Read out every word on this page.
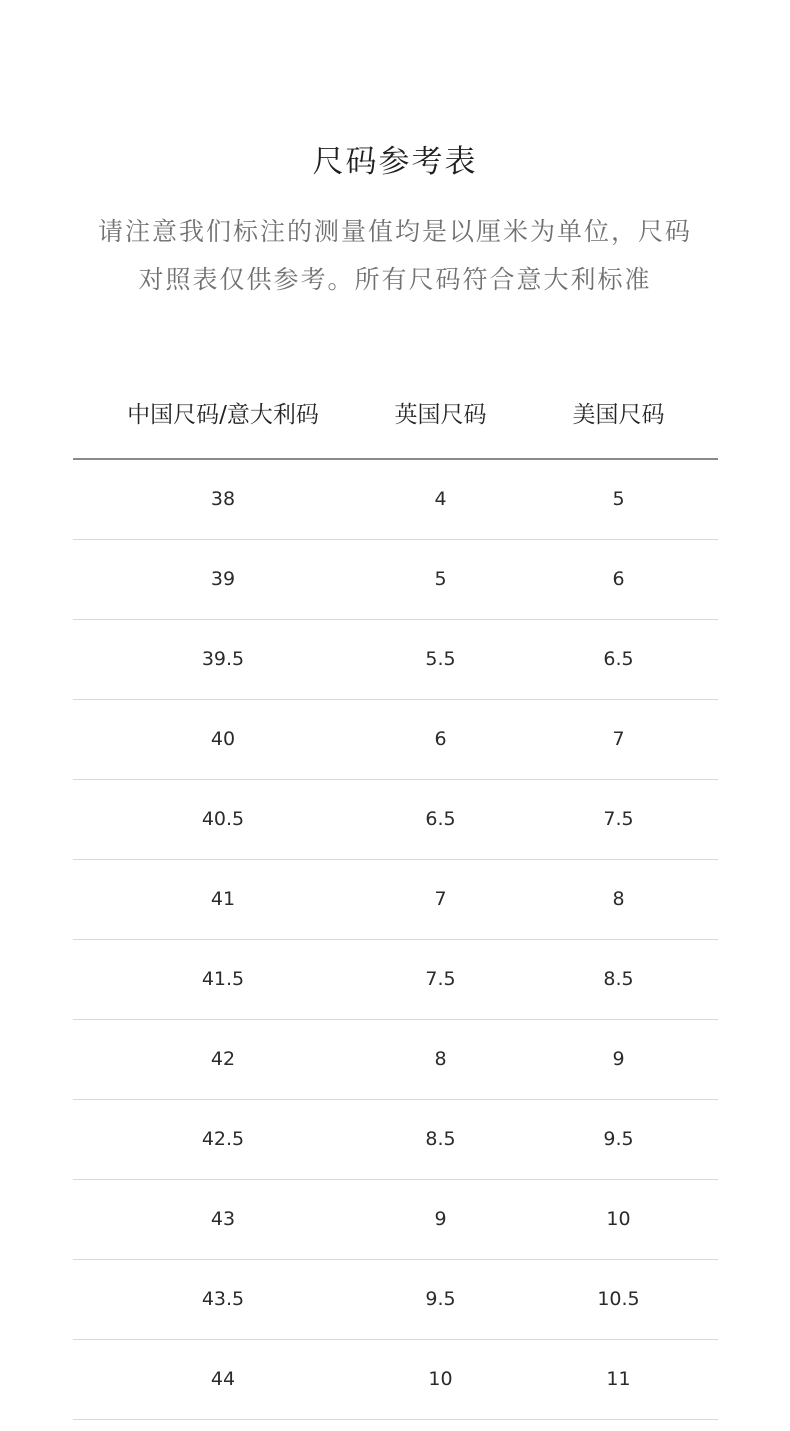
尺码参考表
请注意我们标注的测量值均是以厘米为单位，尺码
对照表仅供参考。所有尺码符合意大利标准
中国尺码/意大利码	英国尺码	美国尺码
38	4	5
39	5	6
39.5	5.5	6.5
40	6	7
40.5	6.5	7.5
41	7	8
41.5	7.5	8.5
42	8	9
42.5	8.5	9.5
43	9	10
43.5	9.5	10.5
44	10	11
